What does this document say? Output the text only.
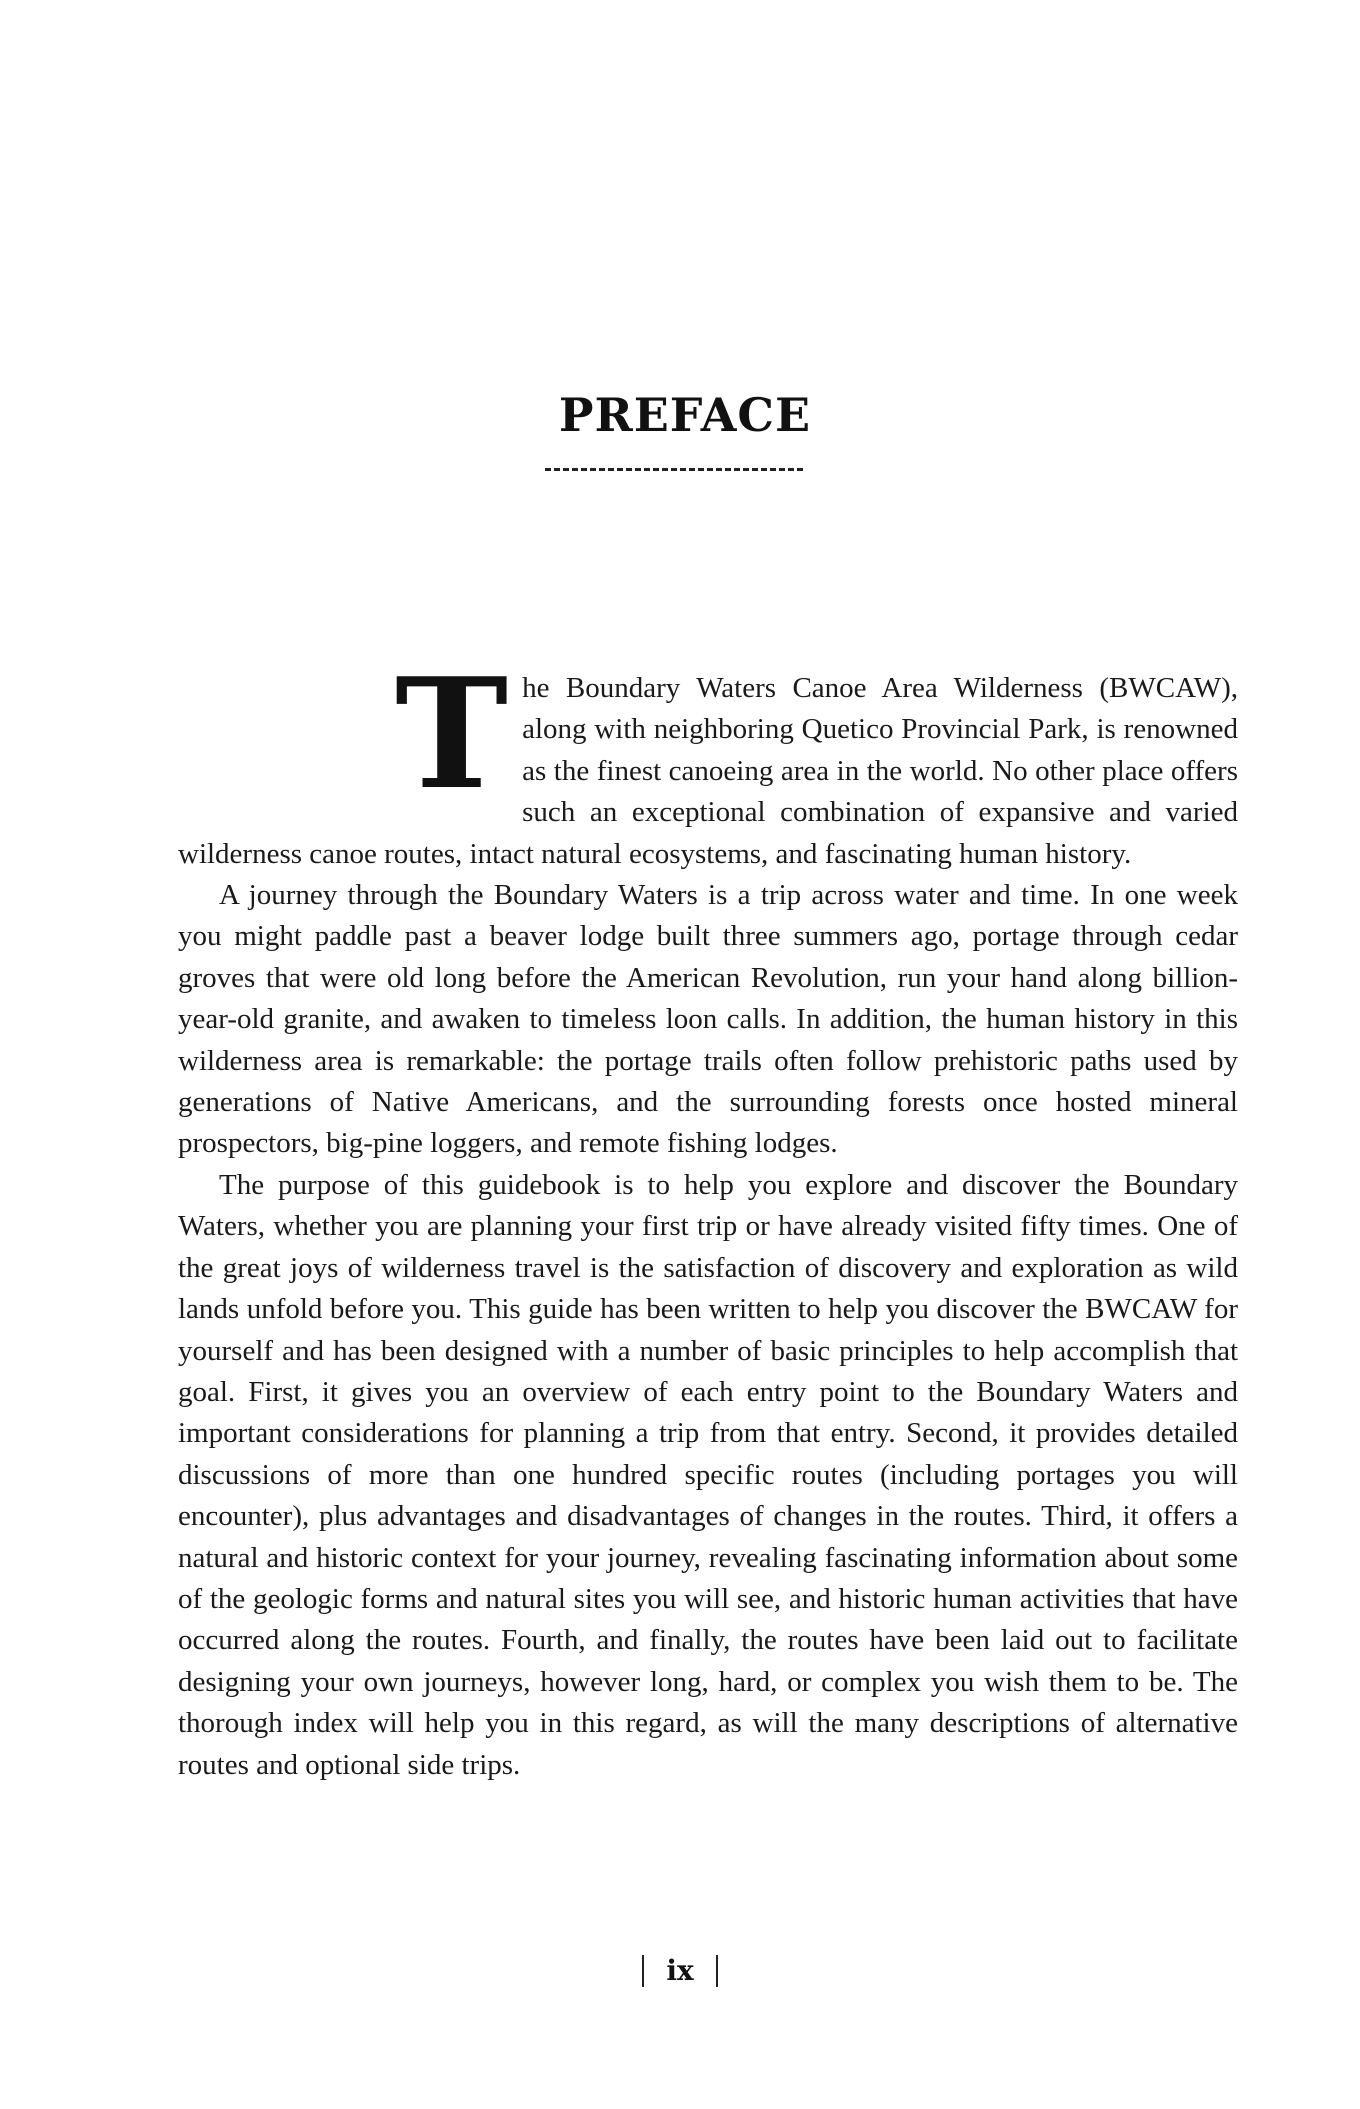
PREFACE

The Boundary Waters Canoe Area Wilderness (BWCAW), along with neighboring Quetico Provincial Park, is renowned as the finest canoeing area in the world. No other place offers such an exceptional combination of expansive and varied wilderness canoe routes, intact natural ecosystems, and fascinating human history.

A journey through the Boundary Waters is a trip across water and time. In one week you might paddle past a beaver lodge built three summers ago, portage through cedar groves that were old long before the American Revolution, run your hand along billion-year-old granite, and awaken to timeless loon calls. In addition, the human history in this wilderness area is remarkable: the portage trails often follow prehistoric paths used by generations of Native Americans, and the surrounding forests once hosted mineral prospectors, big-pine loggers, and remote fishing lodges.

The purpose of this guidebook is to help you explore and discover the Boundary Waters, whether you are planning your first trip or have already visited fifty times. One of the great joys of wilderness travel is the satisfaction of discovery and exploration as wild lands unfold before you. This guide has been written to help you discover the BWCAW for yourself and has been designed with a number of basic principles to help accomplish that goal. First, it gives you an overview of each entry point to the Boundary Waters and important considerations for planning a trip from that entry. Second, it provides detailed discussions of more than one hundred specific routes (including portages you will encounter), plus advantages and disadvantages of changes in the routes. Third, it offers a natural and historic context for your journey, revealing fascinating information about some of the geologic forms and natural sites you will see, and historic human activities that have occurred along the routes. Fourth, and finally, the routes have been laid out to facilitate designing your own journeys, however long, hard, or complex you wish them to be. The thorough index will help you in this regard, as will the many descriptions of alternative routes and optional side trips.

ix
